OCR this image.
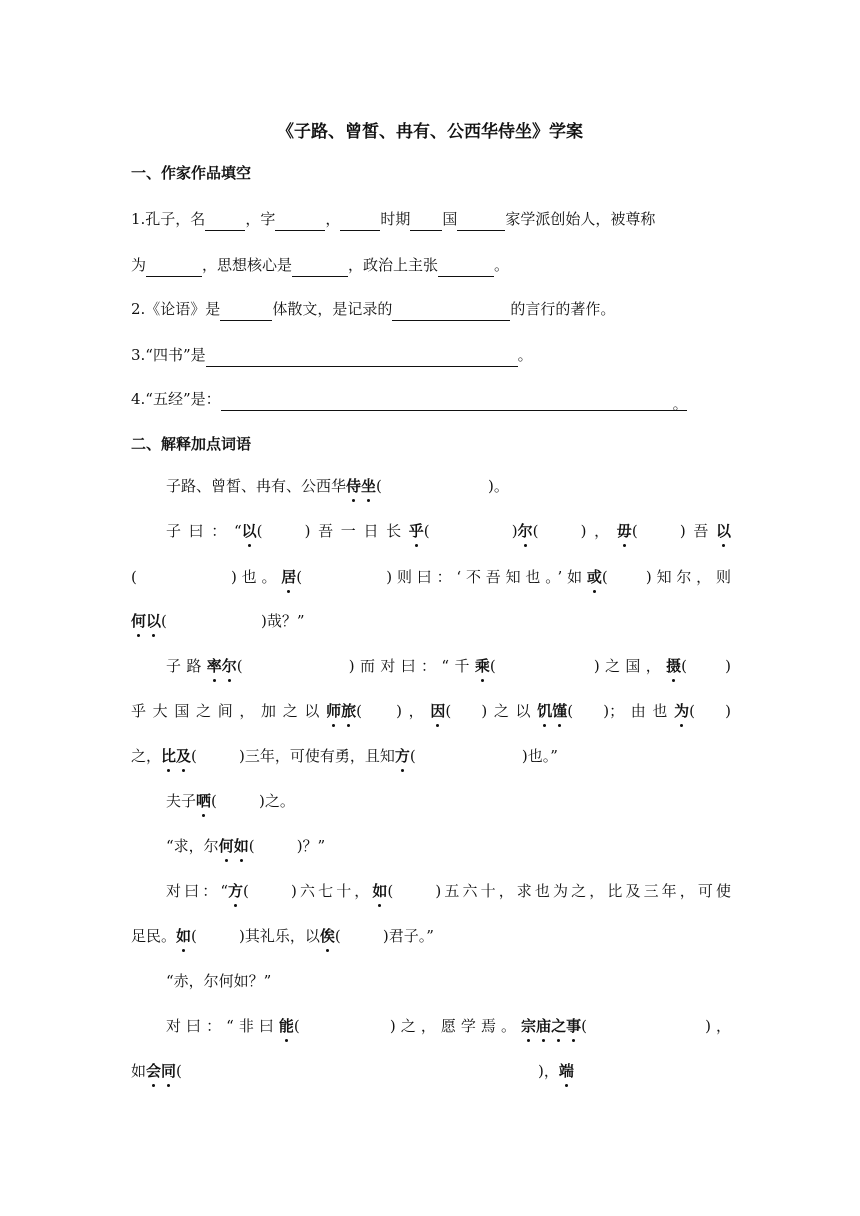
《子路、曾皙、冉有、公西华侍坐》学案
一、作家作品填空
1.孔子，名	，字	，	时期 国	家学派创始人，被尊称
为	，思想核心是	，政治上主张	。
2.《论语》是	体散文，是记录的	的言行的著作。
3.“四书”是	。
4.“五经”是：	。
二、解释加点词语
子路、曾皙、冉有、公西华侍坐(	)。
子曰：“以(	)吾一日长乎(	)尔(	)，毋(	)吾以
(	)也。居(	)则曰：‘不吾知也。’如或(	)知尔，则
何以(	)哉？”
子路率尔(	)而对曰：“千乘(	)之国，摄(	)
乎大国之间，加之以师旅( )，因( )之以饥馑( )；由也为( )
之，比及(	)三年，可使有勇，且知方(	)也。”
夫子哂(	)之。
“求，尔何如(	)？”
对曰：“方(	)六七十，如(	)五六十，求也为之，比及三年，可使
足民。如(	)其礼乐，以俟(	)君子。”
“赤，尔何如？”
对曰：“非曰能(	)之，愿学焉。宗庙之事(	)，
如会同(	)，端
